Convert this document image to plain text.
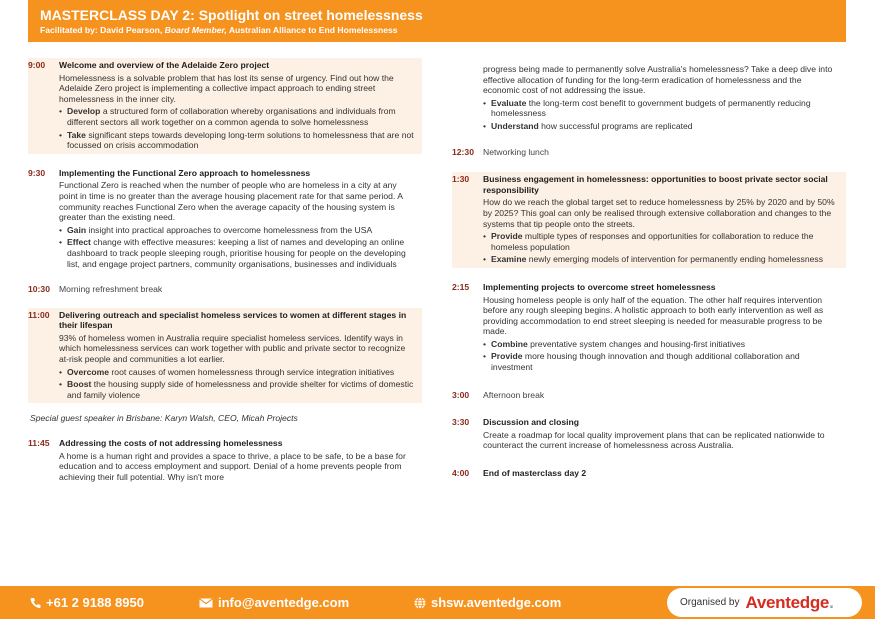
MASTERCLASS DAY 2: Spotlight on street homelessness
Facilitated by: David Pearson, Board Member, Australian Alliance to End Homelessness
9:00	Welcome and overview of the Adelaide Zero project

Homelessness is a solvable problem that has lost its sense of urgency. Find out how the Adelaide Zero project is implementing a collective impact approach to ending street homelessness in the inner city.

• Develop a structured form of collaboration whereby organisations and individuals from different sectors all work together on a common agenda to solve homelessness
• Take significant steps towards developing long-term solutions to homelessness that are not focussed on crisis accommodation
9:30	Implementing the Functional Zero approach to homelessness

Functional Zero is reached when the number of people who are homeless in a city at any point in time is no greater than the average housing placement rate for that same period. A community reaches Functional Zero when the average capacity of the housing system is greater than the existing need.

• Gain insight into practical approaches to overcome homelessness from the USA
• Effect change with effective measures: keeping a list of names and developing an online dashboard to track people sleeping rough, prioritise housing for people on the developing list, and engage project partners, community organisations, businesses and individuals
10:30	Morning refreshment break
11:00	Delivering outreach and specialist homeless services to women at different stages in their lifespan

93% of homeless women in Australia require specialist homeless services. Identify ways in which homelessness services can work together with public and private sector to recognize at-risk people and communities a lot earlier.

• Overcome root causes of women homelessness through service integration initiatives
• Boost the housing supply side of homelessness and provide shelter for victims of domestic and family violence
Special guest speaker in Brisbane: Karyn Walsh, CEO, Micah Projects
11:45	Addressing the costs of not addressing homelessness

A home is a human right and provides a space to thrive, a place to be safe, to be a base for education and to access employment and support. Denial of a home prevents people from achieving their full potential. Why isn't more

progress being made to permanently solve Australia's homelessness? Take a deep dive into effective allocation of funding for the long-term eradication of homelessness and the economic cost of not addressing the issue.

• Evaluate the long-term cost benefit to government budgets of permanently reducing homelessness
• Understand how successful programs are replicated
12:30	Networking lunch
1:30	Business engagement in homelessness: opportunities to boost private sector social responsibility

How do we reach the global target set to reduce homelessness by 25% by 2020 and by 50% by 2025? This goal can only be realised through extensive collaboration and changes to the systems that tip people onto the streets.

• Provide multiple types of responses and opportunities for collaboration to reduce the homeless population
• Examine newly emerging models of intervention for permanently ending homelessness
2:15	Implementing projects to overcome street homelessness

Housing homeless people is only half of the equation. The other half requires intervention before any rough sleeping begins. A holistic approach to both early intervention as well as providing accommodation to end street sleeping is needed for measurable progress to be made.

• Combine preventative system changes and housing-first initiatives
• Provide more housing though innovation and though additional collaboration and investment
3:00	Afternoon break
3:30	Discussion and closing

Create a roadmap for local quality improvement plans that can be replicated nationwide to counteract the current increase of homelessness across Australia.

4:00	End of masterclass day 2
+61 2 9188 8950	info@aventedge.com	shsw.aventedge.com	Organised by Aventedge.
